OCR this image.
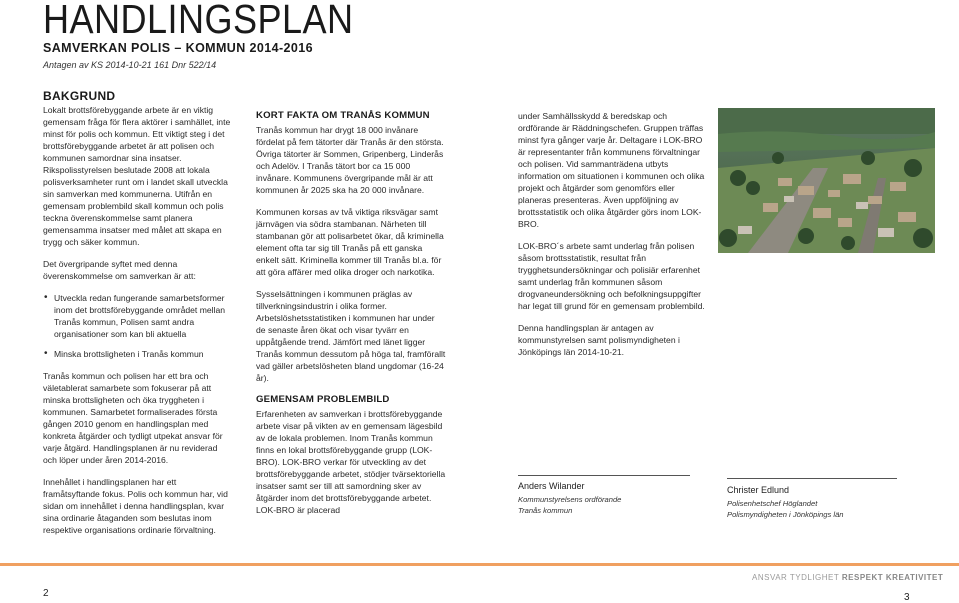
HANDLINGSPLAN
SAMVERKAN POLIS – KOMMUN 2014-2016
Antagen av KS 2014-10-21 161 Dnr 522/14
BAKGRUND

Lokalt brottsförebyggande arbete är en viktig gemensam fråga för flera aktörer i samhället, inte minst för polis och kommun. Ett viktigt steg i det brottsförebyggande arbetet är att polisen och kommunen samordnar sina insatser. Rikspolisstyrelsen beslutade 2008 att lokala polisverksamheter runt om i landet skall utveckla sin samverkan med kommunerna. Utifrån en gemensam problembild skall kommun och polis teckna överenskommelse samt planera gemensamma insatser med målet att skapa en trygg och säker kommun.

Det övergripande syftet med denna överenskommelse om samverkan är att:

• Utveckla redan fungerande samarbetsformer inom det brottsförebyggande området mellan Tranås kommun, Polisen samt andra organisationer som kan bli aktuella
• Minska brottsligheten i Tranås kommun

Tranås kommun och polisen har ett bra och väletablerat samarbete som fokuserar på att minska brottsligheten och öka tryggheten i kommunen. Samarbetet formaliserades första gången 2010 genom en handlingsplan med konkreta åtgärder och tydligt utpekat ansvar för varje åtgärd. Handlingsplanen är nu reviderad och löper under åren 2014-2016.

Innehållet i handlingsplanen har ett framåtsyftande fokus. Polis och kommun har, vid sidan om innehållet i denna handlingsplan, kvar sina ordinarie åtaganden som beslutas inom respektive organisations ordinarie förvaltning.

KORT FAKTA OM TRANÅS KOMMUN

Tranås kommun har drygt 18 000 invånare fördelat på fem tätorter där Tranås är den största. Övriga tätorter är Sommen, Gripenberg, Linderås och Adelöv. I Tranås tätort bor ca 15 000 invånare. Kommunens övergripande mål är att kommunen år 2025 ska ha 20 000 invånare.

Kommunen korsas av två viktiga riksvägar samt järnvägen via södra stambanan. Närheten till stambanan gör att polisarbetet ökar, då kriminella element ofta tar sig till Tranås på ett ganska enkelt sätt. Kriminella kommer till Tranås bl.a. för att göra affärer med olika droger och narkotika.

Sysselsättningen i kommunen präglas av tillverkningsindustrin i olika former. Arbetslöshetsstatistiken i kommunen har under de senaste åren ökat och visar tyvärr en uppåtgående trend. Jämfört med länet ligger Tranås kommun dessutom på höga tal, framförallt vad gäller arbetslösheten bland ungdomar (16-24 år).

GEMENSAM PROBLEMBILD

Erfarenheten av samverkan i brottsförebyggande arbete visar på vikten av en gemensam lägesbild av de lokala problemen. Inom Tranås kommun finns en lokal brottsförebyggande grupp (LOK-BRO). LOK-BRO verkar för utveckling av det brottsförebyggande arbetet, stödjer tvärsektoriella insatser samt ser till att samordning sker av åtgärder inom det brottsförebyggande arbetet. LOK-BRO är placerad

under Samhällsskydd & beredskap och ordförande är Räddningschefen. Gruppen träffas minst fyra gånger varje år. Deltagare i LOK-BRO är representanter från kommunens förvaltningar och polisen. Vid sammanträdena utbyts information om situationen i kommunen och olika projekt och åtgärder som genomförs eller planeras presenteras. Även uppföljning av brottsstatistik och olika åtgärder görs inom LOK-BRO.

LOK-BRO´s arbete samt underlag från polisen såsom brottsstatistik, resultat från trygghetsundersökningar och polisiär erfarenhet samt underlag från kommunen såsom drogvaneundersökning och befolkningsuppgifter har legat till grund för en gemensam problembild.

Denna handlingsplan är antagen av kommunstyrelsen samt polismyndigheten i Jönköpings län 2014-10-21.

Anders Wilander
Kommunstyrelsens ordförande
Tranås kommun
Christer Edlund
Polisenhetschef Höglandet
Polismyndigheten i Jönköpings län
ANSVAR TYDLIGHET RESPEKT KREATIVITET
2	3
